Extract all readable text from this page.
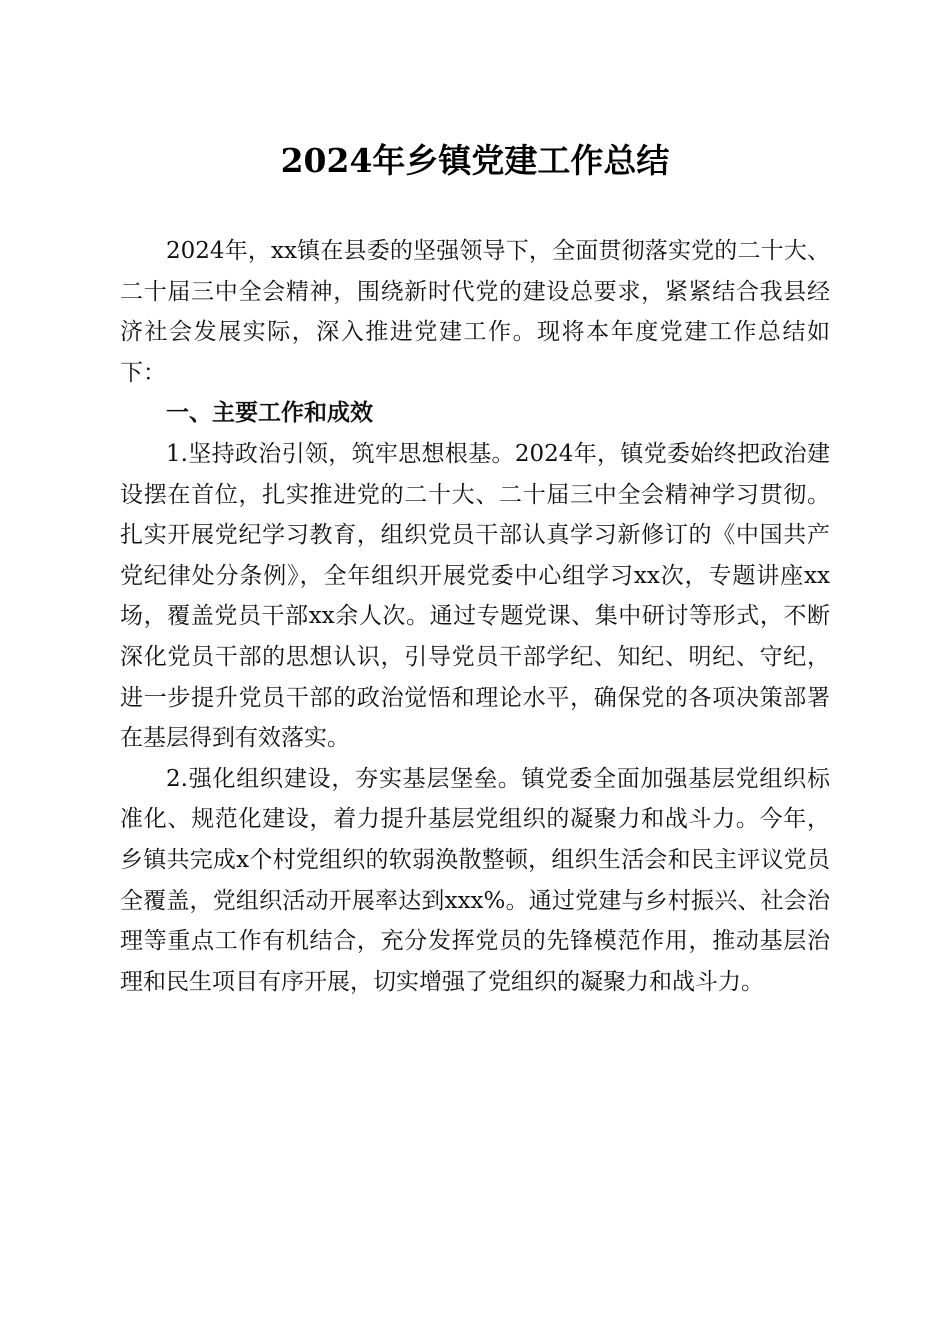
2024年乡镇党建工作总结

2024年，xx镇在县委的坚强领导下，全面贯彻落实党的二十大、二十届三中全会精神，围绕新时代党的建设总要求，紧紧结合我县经济社会发展实际，深入推进党建工作。现将本年度党建工作总结如下：

一、主要工作和成效

1.坚持政治引领，筑牢思想根基。2024年，镇党委始终把政治建设摆在首位，扎实推进党的二十大、二十届三中全会精神学习贯彻。扎实开展党纪学习教育，组织党员干部认真学习新修订的《中国共产党纪律处分条例》，全年组织开展党委中心组学习xx次，专题讲座xx场，覆盖党员干部xx余人次。通过专题党课、集中研讨等形式，不断深化党员干部的思想认识，引导党员干部学纪、知纪、明纪、守纪，进一步提升党员干部的政治觉悟和理论水平，确保党的各项决策部署在基层得到有效落实。

2.强化组织建设，夯实基层堡垒。镇党委全面加强基层党组织标准化、规范化建设，着力提升基层党组织的凝聚力和战斗力。今年，乡镇共完成x个村党组织的软弱涣散整顿，组织生活会和民主评议党员全覆盖，党组织活动开展率达到xxx%。通过党建与乡村振兴、社会治理等重点工作有机结合，充分发挥党员的先锋模范作用，推动基层治理和民生项目有序开展，切实增强了党组织的凝聚力和战斗力。
